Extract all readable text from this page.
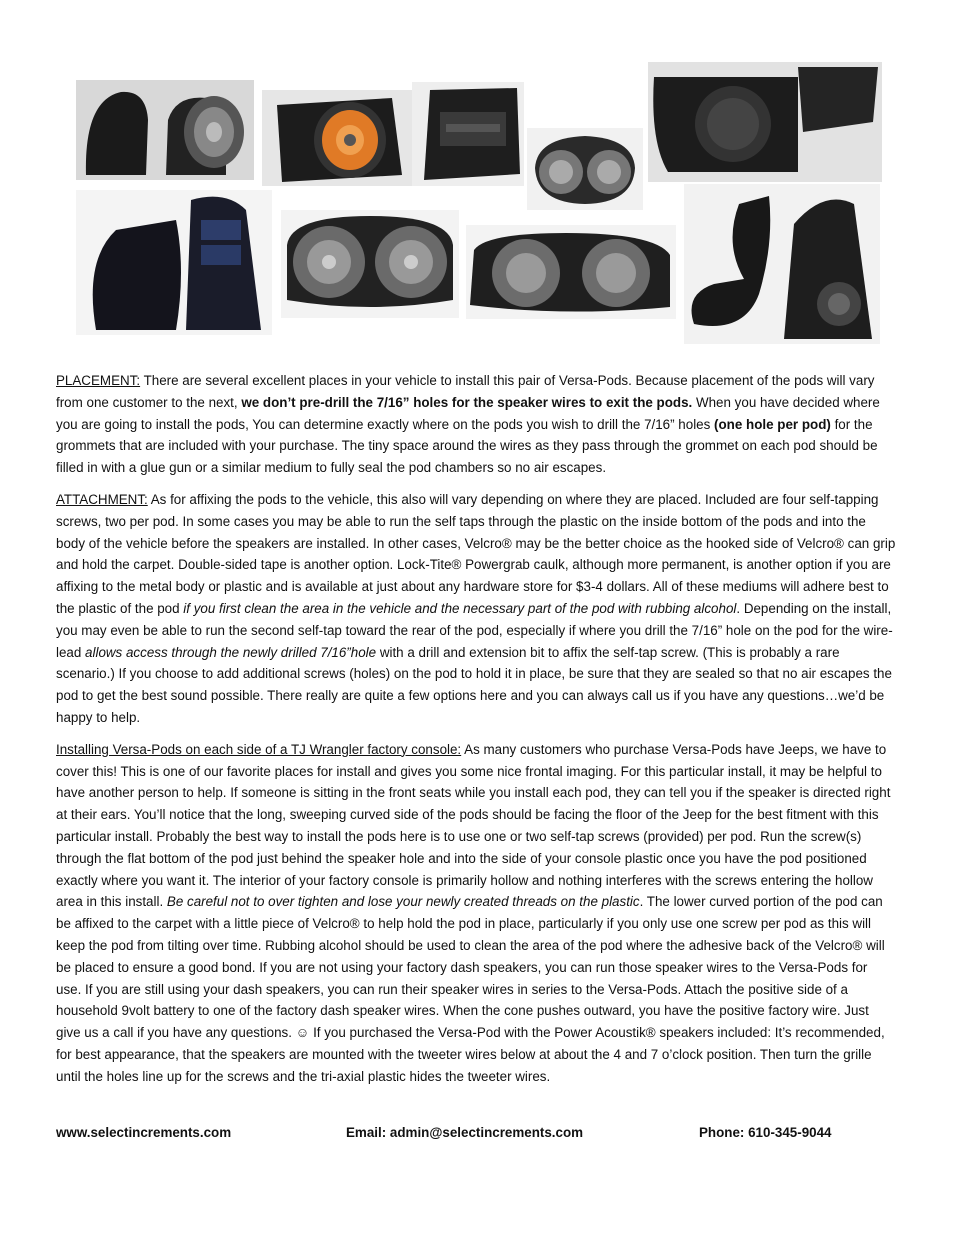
PLACEMENT: There are several excellent places in your vehicle to install this pair of Versa-Pods. Because placement of the pods will vary from one customer to the next, we don’t pre-drill the 7/16” holes for the speaker wires to exit the pods. When you have decided where you are going to install the pods, You can determine exactly where on the pods you wish to drill the 7/16” holes (one hole per pod) for the grommets that are included with your purchase. The tiny space around the wires as they pass through the grommet on each pod should be filled in with a glue gun or a similar medium to fully seal the pod chambers so no air escapes.

ATTACHMENT: As for affixing the pods to the vehicle, this also will vary depending on where they are placed. Included are four self-tapping screws, two per pod. In some cases you may be able to run the self taps through the plastic on the inside bottom of the pods and into the body of the vehicle before the speakers are installed. In other cases, Velcro® may be the better choice as the hooked side of Velcro® can grip and hold the carpet. Double-sided tape is another option. Lock-Tite® Powergrab caulk, although more permanent, is another option if you are affixing to the metal body or plastic and is available at just about any hardware store for $3-4 dollars. All of these mediums will adhere best to the plastic of the pod if you first clean the area in the vehicle and the necessary part of the pod with rubbing alcohol. Depending on the install, you may even be able to run the second self-tap toward the rear of the pod, especially if where you drill the 7/16” hole on the pod for the wire-lead allows access through the newly drilled 7/16”hole with a drill and extension bit to affix the self-tap screw. (This is probably a rare scenario.) If you choose to add additional screws (holes) on the pod to hold it in place, be sure that they are sealed so that no air escapes the pod to get the best sound possible. There really are quite a few options here and you can always call us if you have any questions…we’d be happy to help.

Installing Versa-Pods on each side of a TJ Wrangler factory console: As many customers who purchase Versa-Pods have Jeeps, we have to cover this! This is one of our favorite places for install and gives you some nice frontal imaging. For this particular install, it may be helpful to have another person to help. If someone is sitting in the front seats while you install each pod, they can tell you if the speaker is directed right at their ears. You’ll notice that the long, sweeping curved side of the pods should be facing the floor of the Jeep for the best fitment with this particular install. Probably the best way to install the pods here is to use one or two self-tap screws (provided) per pod. Run the screw(s) through the flat bottom of the pod just behind the speaker hole and into the side of your console plastic once you have the pod positioned exactly where you want it. The interior of your factory console is primarily hollow and nothing interferes with the screws entering the hollow area in this install. Be careful not to over tighten and lose your newly created threads on the plastic. The lower curved portion of the pod can be affixed to the carpet with a little piece of Velcro® to help hold the pod in place, particularly if you only use one screw per pod as this will keep the pod from tilting over time. Rubbing alcohol should be used to clean the area of the pod where the adhesive back of the Velcro® will be placed to ensure a good bond. If you are not using your factory dash speakers, you can run those speaker wires to the Versa-Pods for use. If you are still using your dash speakers, you can run their speaker wires in series to the Versa-Pods. Attach the positive side of a household 9volt battery to one of the factory dash speaker wires. When the cone pushes outward, you have the positive factory wire. Just give us a call if you have any questions. ☺ If you purchased the Versa-Pod with the Power Acoustik® speakers included: It’s recommended, for best appearance, that the speakers are mounted with the tweeter wires below at about the 4 and 7 o’clock position. Then turn the grille until the holes line up for the screws and the tri-axial plastic hides the tweeter wires.

www.selectincrements.com	Email: admin@selectincrements.com	Phone: 610-345-9044
